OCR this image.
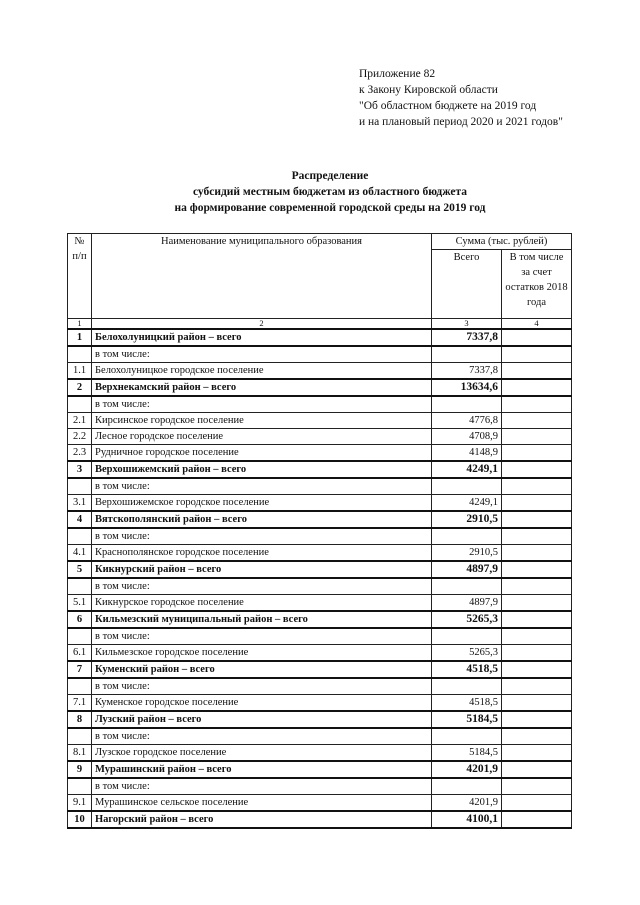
Приложение 82
к Закону Кировской области
"Об областном бюджете на 2019 год
и на плановый период 2020 и 2021 годов"
Распределение
субсидий местным бюджетам из областного бюджета
на формирование современной городской среды на 2019 год
№ п/п	Наименование муниципального образования	Сумма (тыс. рублей)	
		Всего	В том числе за счет остатков 2018 года
1	2	3	4
1	Белохолуницкий район – всего	7337,8	
	в том числе:		
1.1	Белохолуницкое городское поселение	7337,8	
2	Верхнекамский район – всего	13634,6	
	в том числе:		
2.1	Кирсинское городское поселение	4776,8	
2.2	Лесное городское поселение	4708,9	
2.3	Рудничное городское поселение	4148,9	
3	Верхошижемский район – всего	4249,1	
	в том числе:		
3.1	Верхошижемское городское поселение	4249,1	
4	Вятскополянский район – всего	2910,5	
	в том числе:		
4.1	Краснополянское городское поселение	2910,5	
5	Кикнурский район – всего	4897,9	
	в том числе:		
5.1	Кикнурское городское поселение	4897,9	
6	Кильмезский муниципальный район – всего	5265,3	
	в том числе:		
6.1	Кильмезское городское поселение	5265,3	
7	Куменский район – всего	4518,5	
	в том числе:		
7.1	Куменское городское поселение	4518,5	
8	Лузский район – всего	5184,5	
	в том числе:		
8.1	Лузское городское поселение	5184,5	
9	Мурашинский район – всего	4201,9	
	в том числе:		
9.1	Мурашинское сельское поселение	4201,9	
10	Нагорский район – всего	4100,1	
